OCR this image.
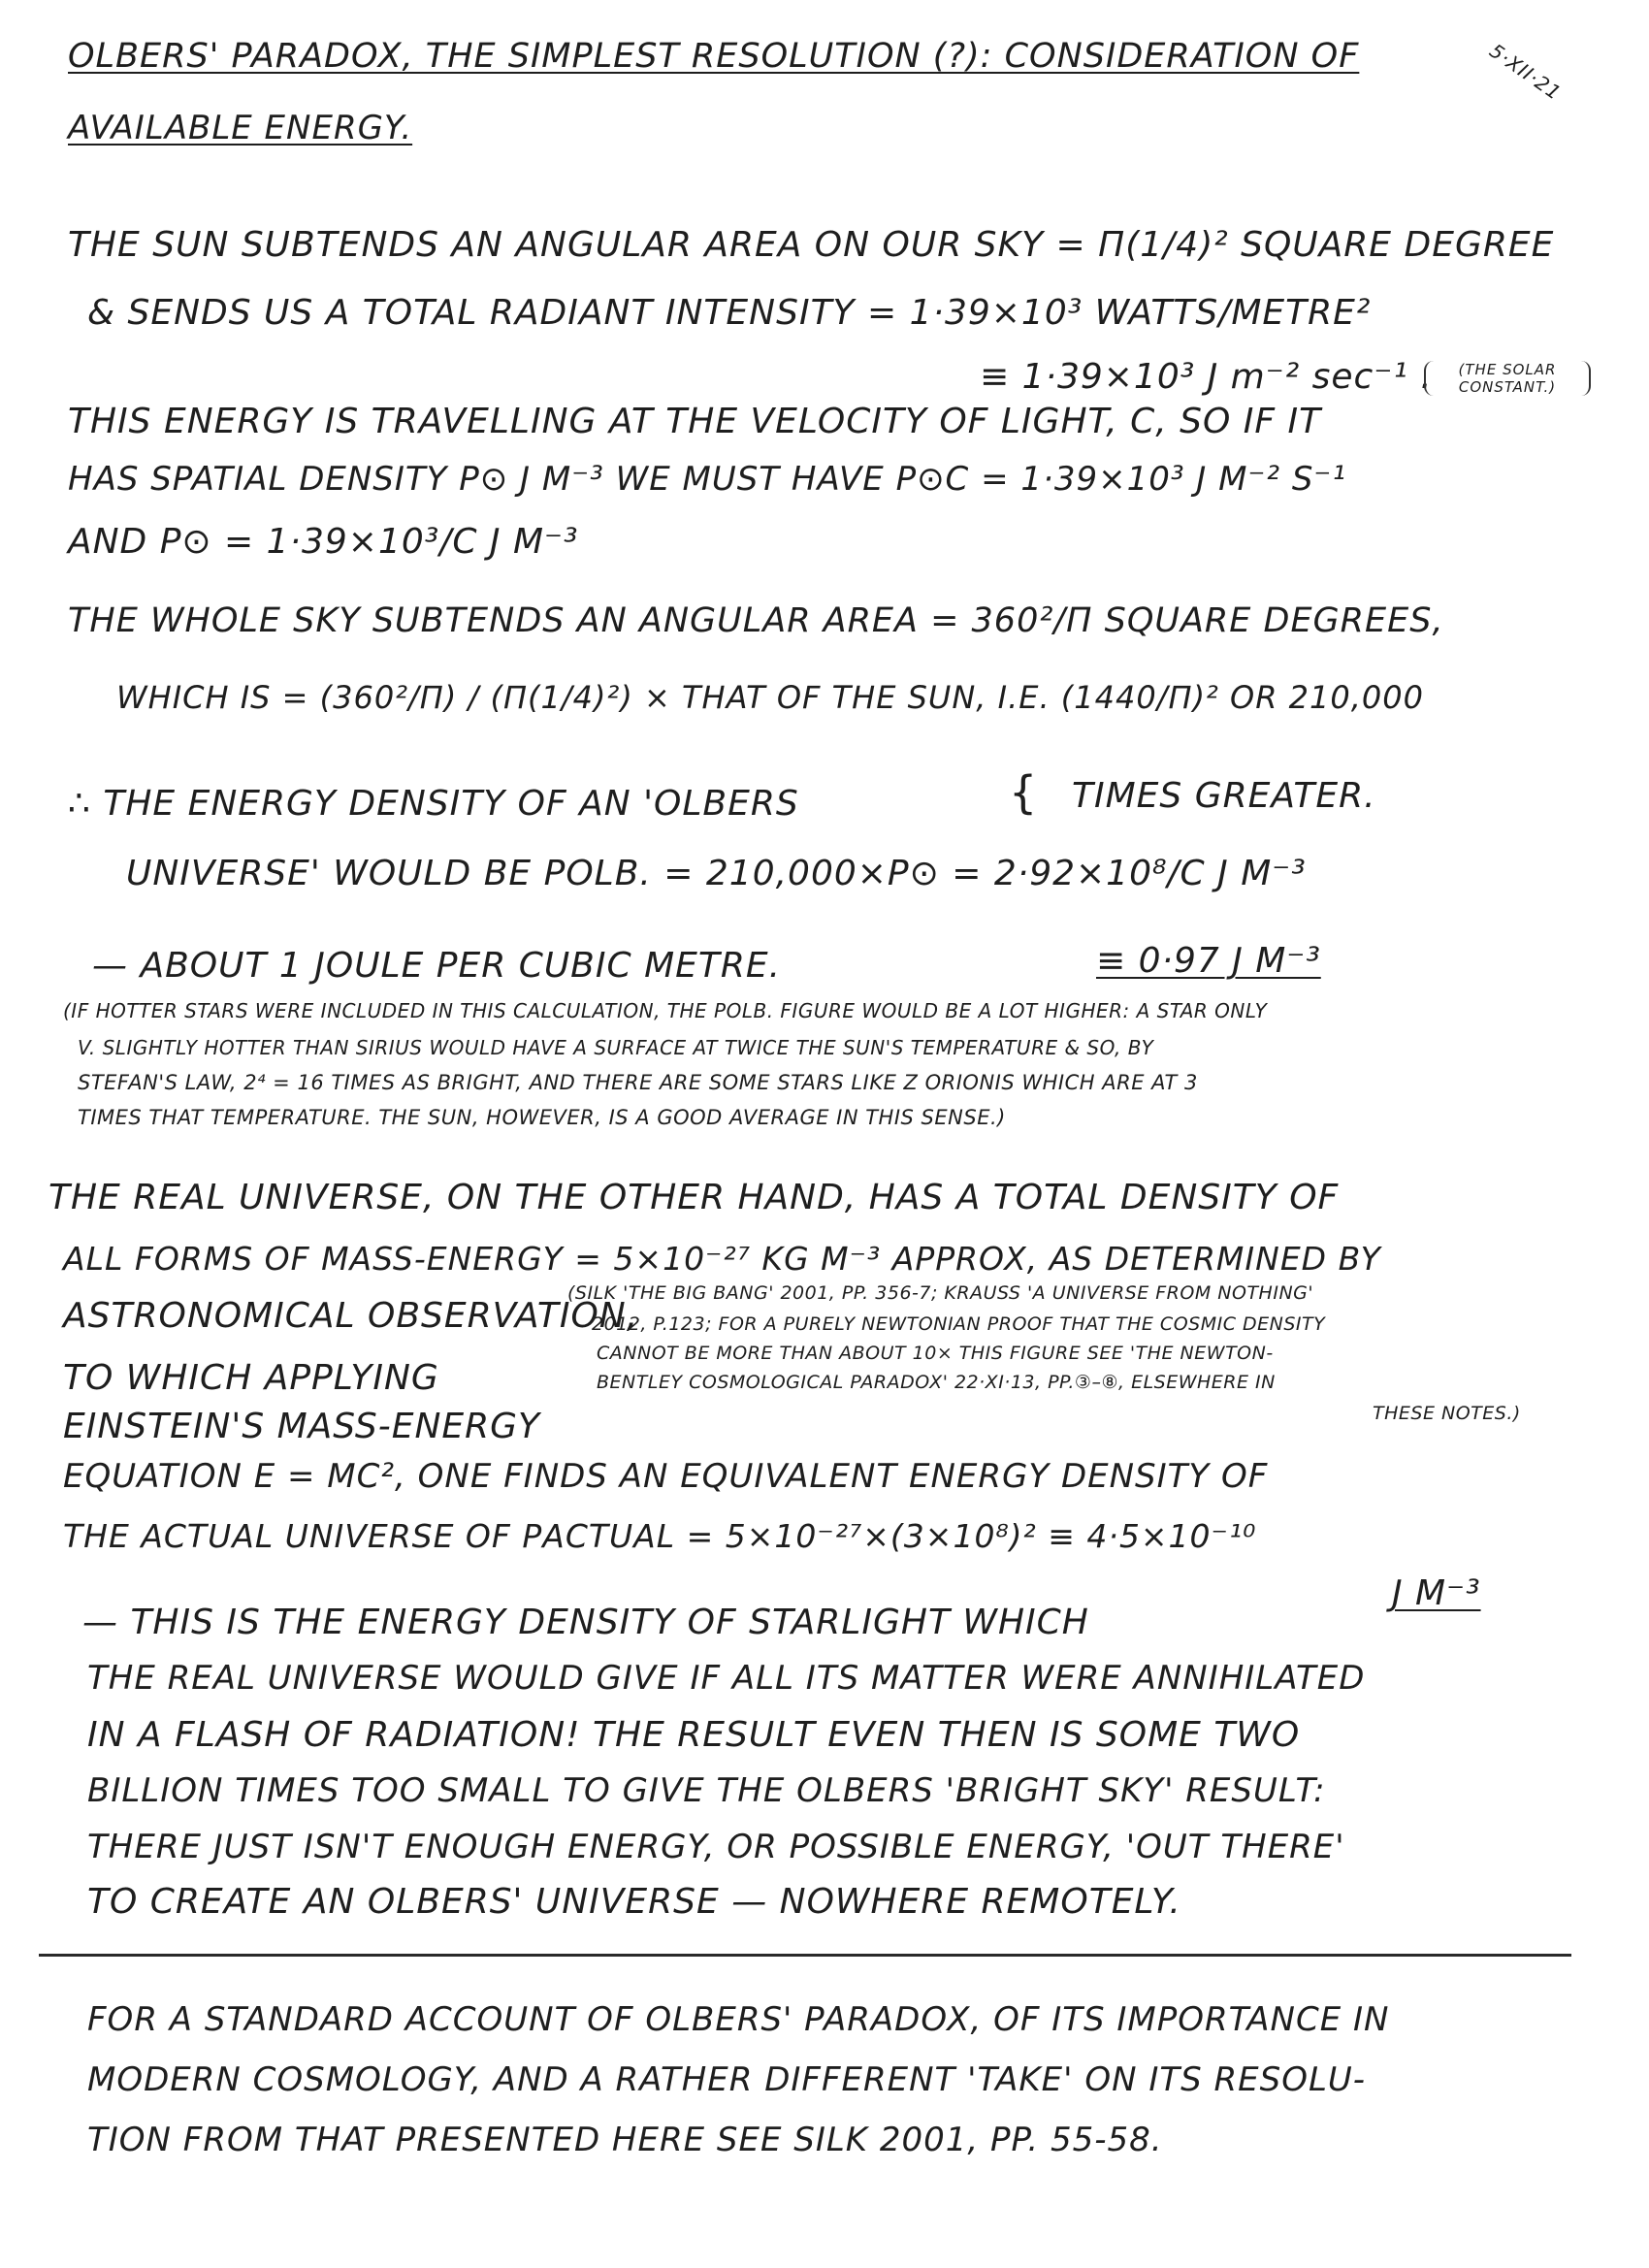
OLBERS' PARADOX, THE SIMPLEST RESOLUTION (?): CONSIDERATION OF	5·XII·21
AVAILABLE ENERGY.
THE SUN SUBTENDS AN ANGULAR AREA ON OUR SKY = Π(1/4)² SQUARE DEGREE
& SENDS US A TOTAL RADIANT INTENSITY = 1·39×10³ WATTS/METRE²
≡ 1·39×10³ J m⁻² sec⁻¹ .	(THE SOLAR CONSTANT.)
THIS ENERGY IS TRAVELLING AT THE VELOCITY OF LIGHT, C, SO IF IT
HAS SPATIAL DENSITY Ρ⊙ J M⁻³ WE MUST HAVE Ρ⊙C = 1·39×10³ J M⁻² S⁻¹
AND Ρ⊙ = 1·39×10³/C J M⁻³
THE WHOLE SKY SUBTENDS AN ANGULAR AREA = 360²/Π SQUARE DEGREES,
WHICH IS = (360²/Π) / (Π(1/4)²) × THAT OF THE SUN, I.E. (1440/Π)² OR 210,000
{ TIMES GREATER.
∴ THE ENERGY DENSITY OF AN 'OLBERS
UNIVERSE' WOULD BE ΡOLB. = 210,000×Ρ⊙ = 2·92×10⁸/C J M⁻³
— ABOUT 1 JOULE PER CUBIC METRE.	≡ 0·97 J M⁻³
(IF HOTTER STARS WERE INCLUDED IN THIS CALCULATION, THE ΡOLB. FIGURE WOULD BE A LOT HIGHER: A STAR ONLY
V. SLIGHTLY HOTTER THAN SIRIUS WOULD HAVE A SURFACE AT TWICE THE SUN'S TEMPERATURE & SO, BY
STEFAN'S LAW, 2⁴ = 16 TIMES AS BRIGHT, AND THERE ARE SOME STARS LIKE Ζ ORIONIS WHICH ARE AT 3
TIMES THAT TEMPERATURE. THE SUN, HOWEVER, IS A GOOD AVERAGE IN THIS SENSE.)
THE REAL UNIVERSE, ON THE OTHER HAND, HAS A TOTAL DENSITY OF
ALL FORMS OF MASS-ENERGY = 5×10⁻²⁷ KG M⁻³ APPROX, AS DETERMINED BY
ASTRONOMICAL OBSERVATION,
(SILK 'THE BIG BANG' 2001, PP. 356-7; KRAUSS 'A UNIVERSE FROM NOTHING'
2012, P.123; FOR A PURELY NEWTONIAN PROOF THAT THE COSMIC DENSITY
CANNOT BE MORE THAN ABOUT 10× THIS FIGURE SEE 'THE NEWTON-
BENTLEY COSMOLOGICAL PARADOX' 22·XI·13, PP.③–⑧, ELSEWHERE IN
THESE NOTES.)
TO WHICH APPLYING
EINSTEIN'S MASS-ENERGY
EQUATION E = MC², ONE FINDS AN EQUIVALENT ENERGY DENSITY OF
THE ACTUAL UNIVERSE OF ΡACTUAL = 5×10⁻²⁷×(3×10⁸)² ≡ 4·5×10⁻¹⁰
J M⁻³
— THIS IS THE ENERGY DENSITY OF STARLIGHT WHICH
THE REAL UNIVERSE WOULD GIVE IF ALL ITS MATTER WERE ANNIHILATED
IN A FLASH OF RADIATION! THE RESULT EVEN THEN IS SOME TWO
BILLION TIMES TOO SMALL TO GIVE THE OLBERS 'BRIGHT SKY' RESULT:
THERE JUST ISN'T ENOUGH ENERGY, OR POSSIBLE ENERGY, 'OUT THERE'
TO CREATE AN OLBERS' UNIVERSE — NOWHERE REMOTELY.
FOR A STANDARD ACCOUNT OF OLBERS' PARADOX, OF ITS IMPORTANCE IN
MODERN COSMOLOGY, AND A RATHER DIFFERENT 'TAKE' ON ITS RESOLU-
TION FROM THAT PRESENTED HERE SEE SILK 2001, PP. 55-58.
